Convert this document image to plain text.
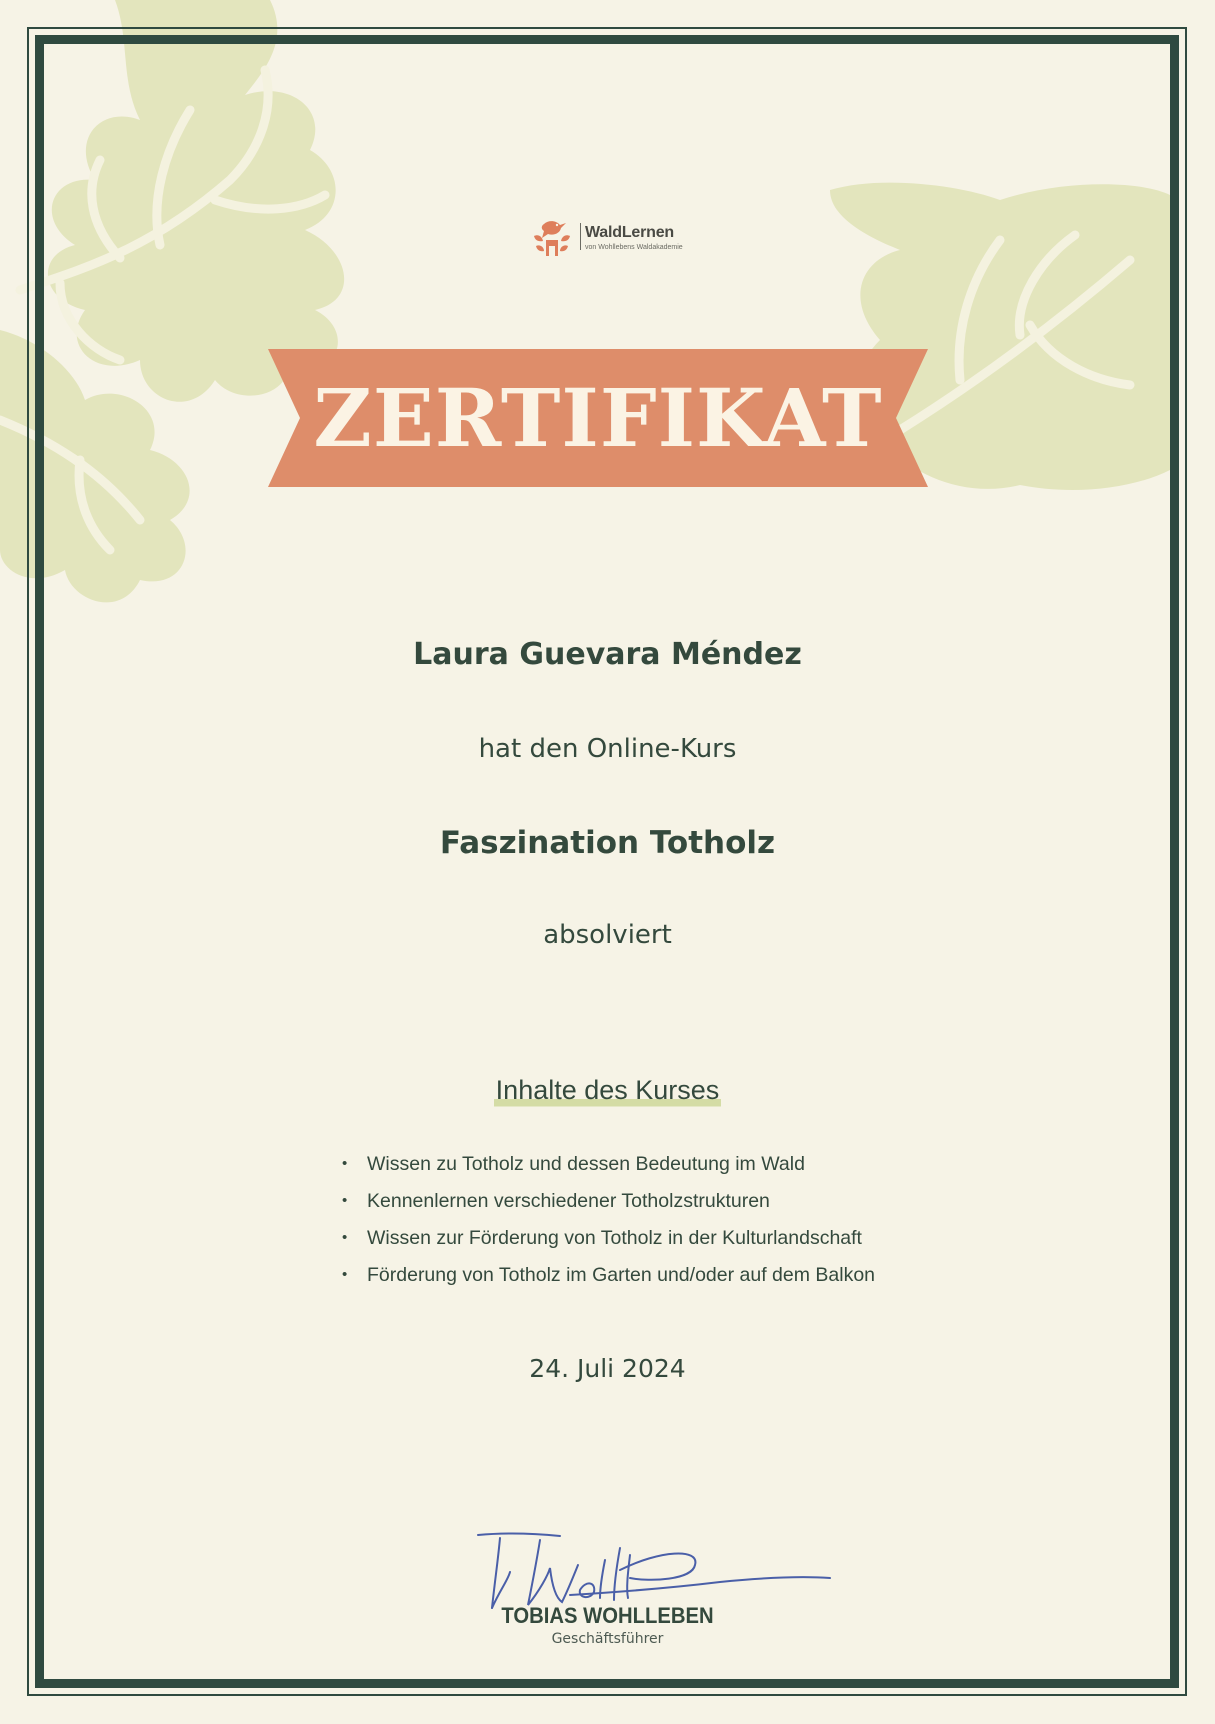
WaldLernen
von Wohllebens Waldakademie
ZERTIFIKAT
Laura Guevara Méndez
hat den Online-Kurs
Faszination Totholz
absolviert
Inhalte des Kurses
• Wissen zu Totholz und dessen Bedeutung im Wald
• Kennenlernen verschiedener Totholzstrukturen
• Wissen zur Förderung von Totholz in der Kulturlandschaft
• Förderung von Totholz im Garten und/oder auf dem Balkon
24. Juli 2024
TOBIAS WOHLLEBEN
Geschäftsführer
